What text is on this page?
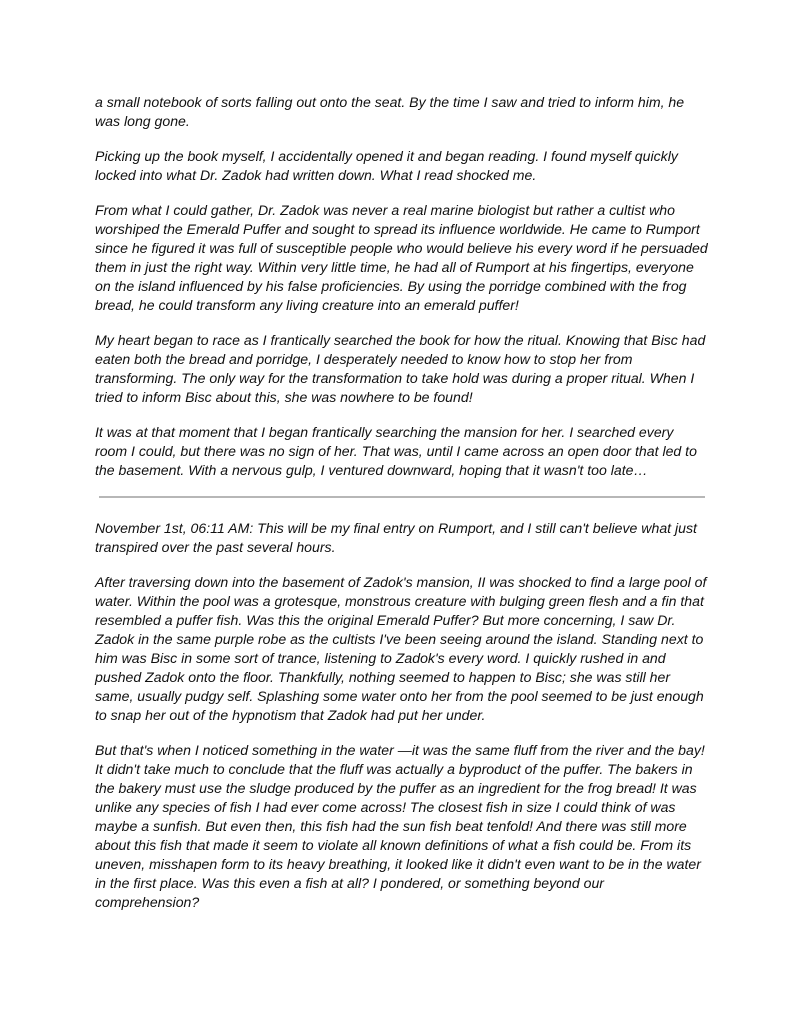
a small notebook of sorts falling out onto the seat. By the time I saw and tried to inform him, he was long gone.

Picking up the book myself, I accidentally opened it and began reading. I found myself quickly locked into what Dr. Zadok had written down. What I read shocked me.

From what I could gather, Dr. Zadok was never a real marine biologist but rather a cultist who worshiped the Emerald Puffer and sought to spread its influence worldwide. He came to Rumport since he figured it was full of susceptible people who would believe his every word if he persuaded them in just the right way. Within very little time, he had all of Rumport at his fingertips, everyone on the island influenced by his false proficiencies. By using the porridge combined with the frog bread, he could transform any living creature into an emerald puffer!

My heart began to race as I frantically searched the book for how the ritual. Knowing that Bisc had eaten both the bread and porridge, I desperately needed to know how to stop her from transforming. The only way for the transformation to take hold was during a proper ritual. When I tried to inform Bisc about this, she was nowhere to be found!

It was at that moment that I began frantically searching the mansion for her. I searched every room I could, but there was no sign of her. That was, until I came across an open door that led to the basement. With a nervous gulp, I ventured downward, hoping that it wasn't too late…

November 1st, 06:11 AM: This will be my final entry on Rumport, and I still can't believe what just transpired over the past several hours.

After traversing down into the basement of Zadok's mansion, II was shocked to find a large pool of water. Within the pool was a grotesque, monstrous creature with bulging green flesh and a fin that resembled a puffer fish. Was this the original Emerald Puffer? But more concerning, I saw Dr. Zadok in the same purple robe as the cultists I've been seeing around the island. Standing next to him was Bisc in some sort of trance, listening to Zadok's every word. I quickly rushed in and pushed Zadok onto the floor. Thankfully, nothing seemed to happen to Bisc; she was still her same, usually pudgy self. Splashing some water onto her from the pool seemed to be just enough to snap her out of the hypnotism that Zadok had put her under.

But that's when I noticed something in the water —it was the same fluff from the river and the bay! It didn't take much to conclude that the fluff was actually a byproduct of the puffer. The bakers in the bakery must use the sludge produced by the puffer as an ingredient for the frog bread! It was unlike any species of fish I had ever come across! The closest fish in size I could think of was maybe a sunfish. But even then, this fish had the sun fish beat tenfold! And there was still more about this fish that made it seem to violate all known definitions of what a fish could be. From its uneven, misshapen form to its heavy breathing, it looked like it didn't even want to be in the water in the first place. Was this even a fish at all? I pondered, or something beyond our comprehension?
